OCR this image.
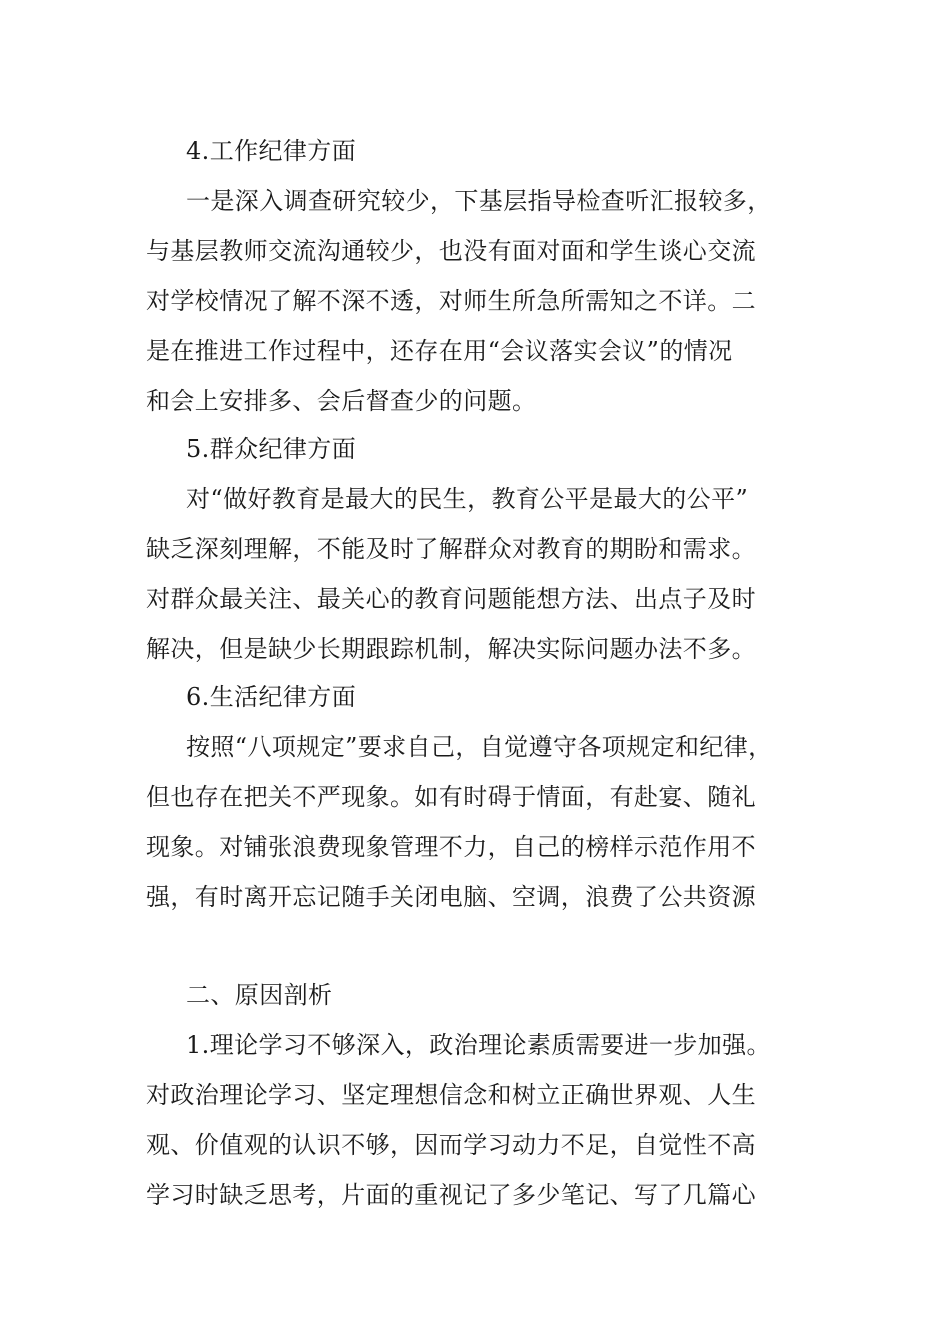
4.工作纪律方面
一是深入调查研究较少，下基层指导检查听汇报较多，
与基层教师交流沟通较少，也没有面对面和学生谈心交流
对学校情况了解不深不透，对师生所急所需知之不详。二
是在推进工作过程中，还存在用“会议落实会议”的情况
和会上安排多、会后督查少的问题。
5.群众纪律方面
对“做好教育是最大的民生，教育公平是最大的公平”
缺乏深刻理解，不能及时了解群众对教育的期盼和需求。
对群众最关注、最关心的教育问题能想方法、出点子及时
解决，但是缺少长期跟踪机制，解决实际问题办法不多。
6.生活纪律方面
按照“八项规定”要求自己，自觉遵守各项规定和纪律，
但也存在把关不严现象。如有时碍于情面，有赴宴、随礼
现象。对铺张浪费现象管理不力，自己的榜样示范作用不
强，有时离开忘记随手关闭电脑、空调，浪费了公共资源
二、原因剖析
1.理论学习不够深入，政治理论素质需要进一步加强。
对政治理论学习、坚定理想信念和树立正确世界观、人生
观、价值观的认识不够，因而学习动力不足，自觉性不高
学习时缺乏思考，片面的重视记了多少笔记、写了几篇心
